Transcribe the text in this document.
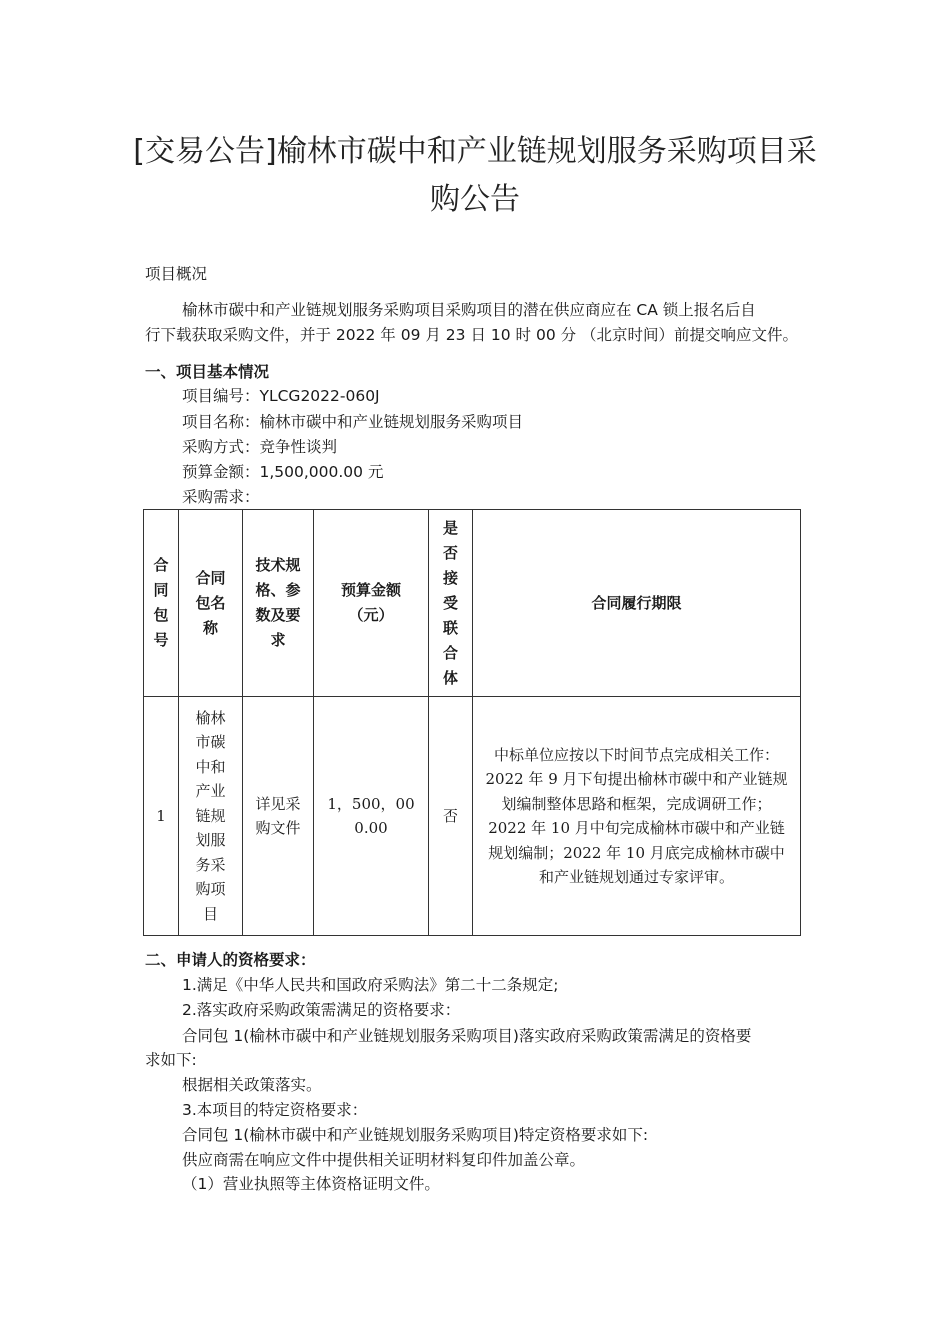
[交易公告]榆林市碳中和产业链规划服务采购项目采购公告
项目概况
榆林市碳中和产业链规划服务采购项目采购项目的潜在供应商应在 CA 锁上报名后自
行下载获取采购文件，并于 2022 年 09 月 23 日 10 时 00 分 （北京时间）前提交响应文件。
一、项目基本情况
项目编号：YLCG2022-060J
项目名称：榆林市碳中和产业链规划服务采购项目
采购方式：竞争性谈判
预算金额：1,500,000.00 元
采购需求：
合同包号	合同包名称	技术规格、参数及要求	预算金额（元）	是否接受联合体	合同履行期限
1	榆林市碳中和产业链规划服务采购项目	详见采购文件	1，500，000.00	否	中标单位应按以下时间节点完成相关工作：2022 年 9 月下旬提出榆林市碳中和产业链规划编制整体思路和框架，完成调研工作；2022 年 10 月中旬完成榆林市碳中和产业链规划编制；2022 年 10 月底完成榆林市碳中和产业链规划通过专家评审。
二、申请人的资格要求：
1.满足《中华人民共和国政府采购法》第二十二条规定;
2.落实政府采购政策需满足的资格要求：
合同包 1(榆林市碳中和产业链规划服务采购项目)落实政府采购政策需满足的资格要
求如下:
根据相关政策落实。
3.本项目的特定资格要求：
合同包 1(榆林市碳中和产业链规划服务采购项目)特定资格要求如下:
供应商需在响应文件中提供相关证明材料复印件加盖公章。
（1）营业执照等主体资格证明文件。
